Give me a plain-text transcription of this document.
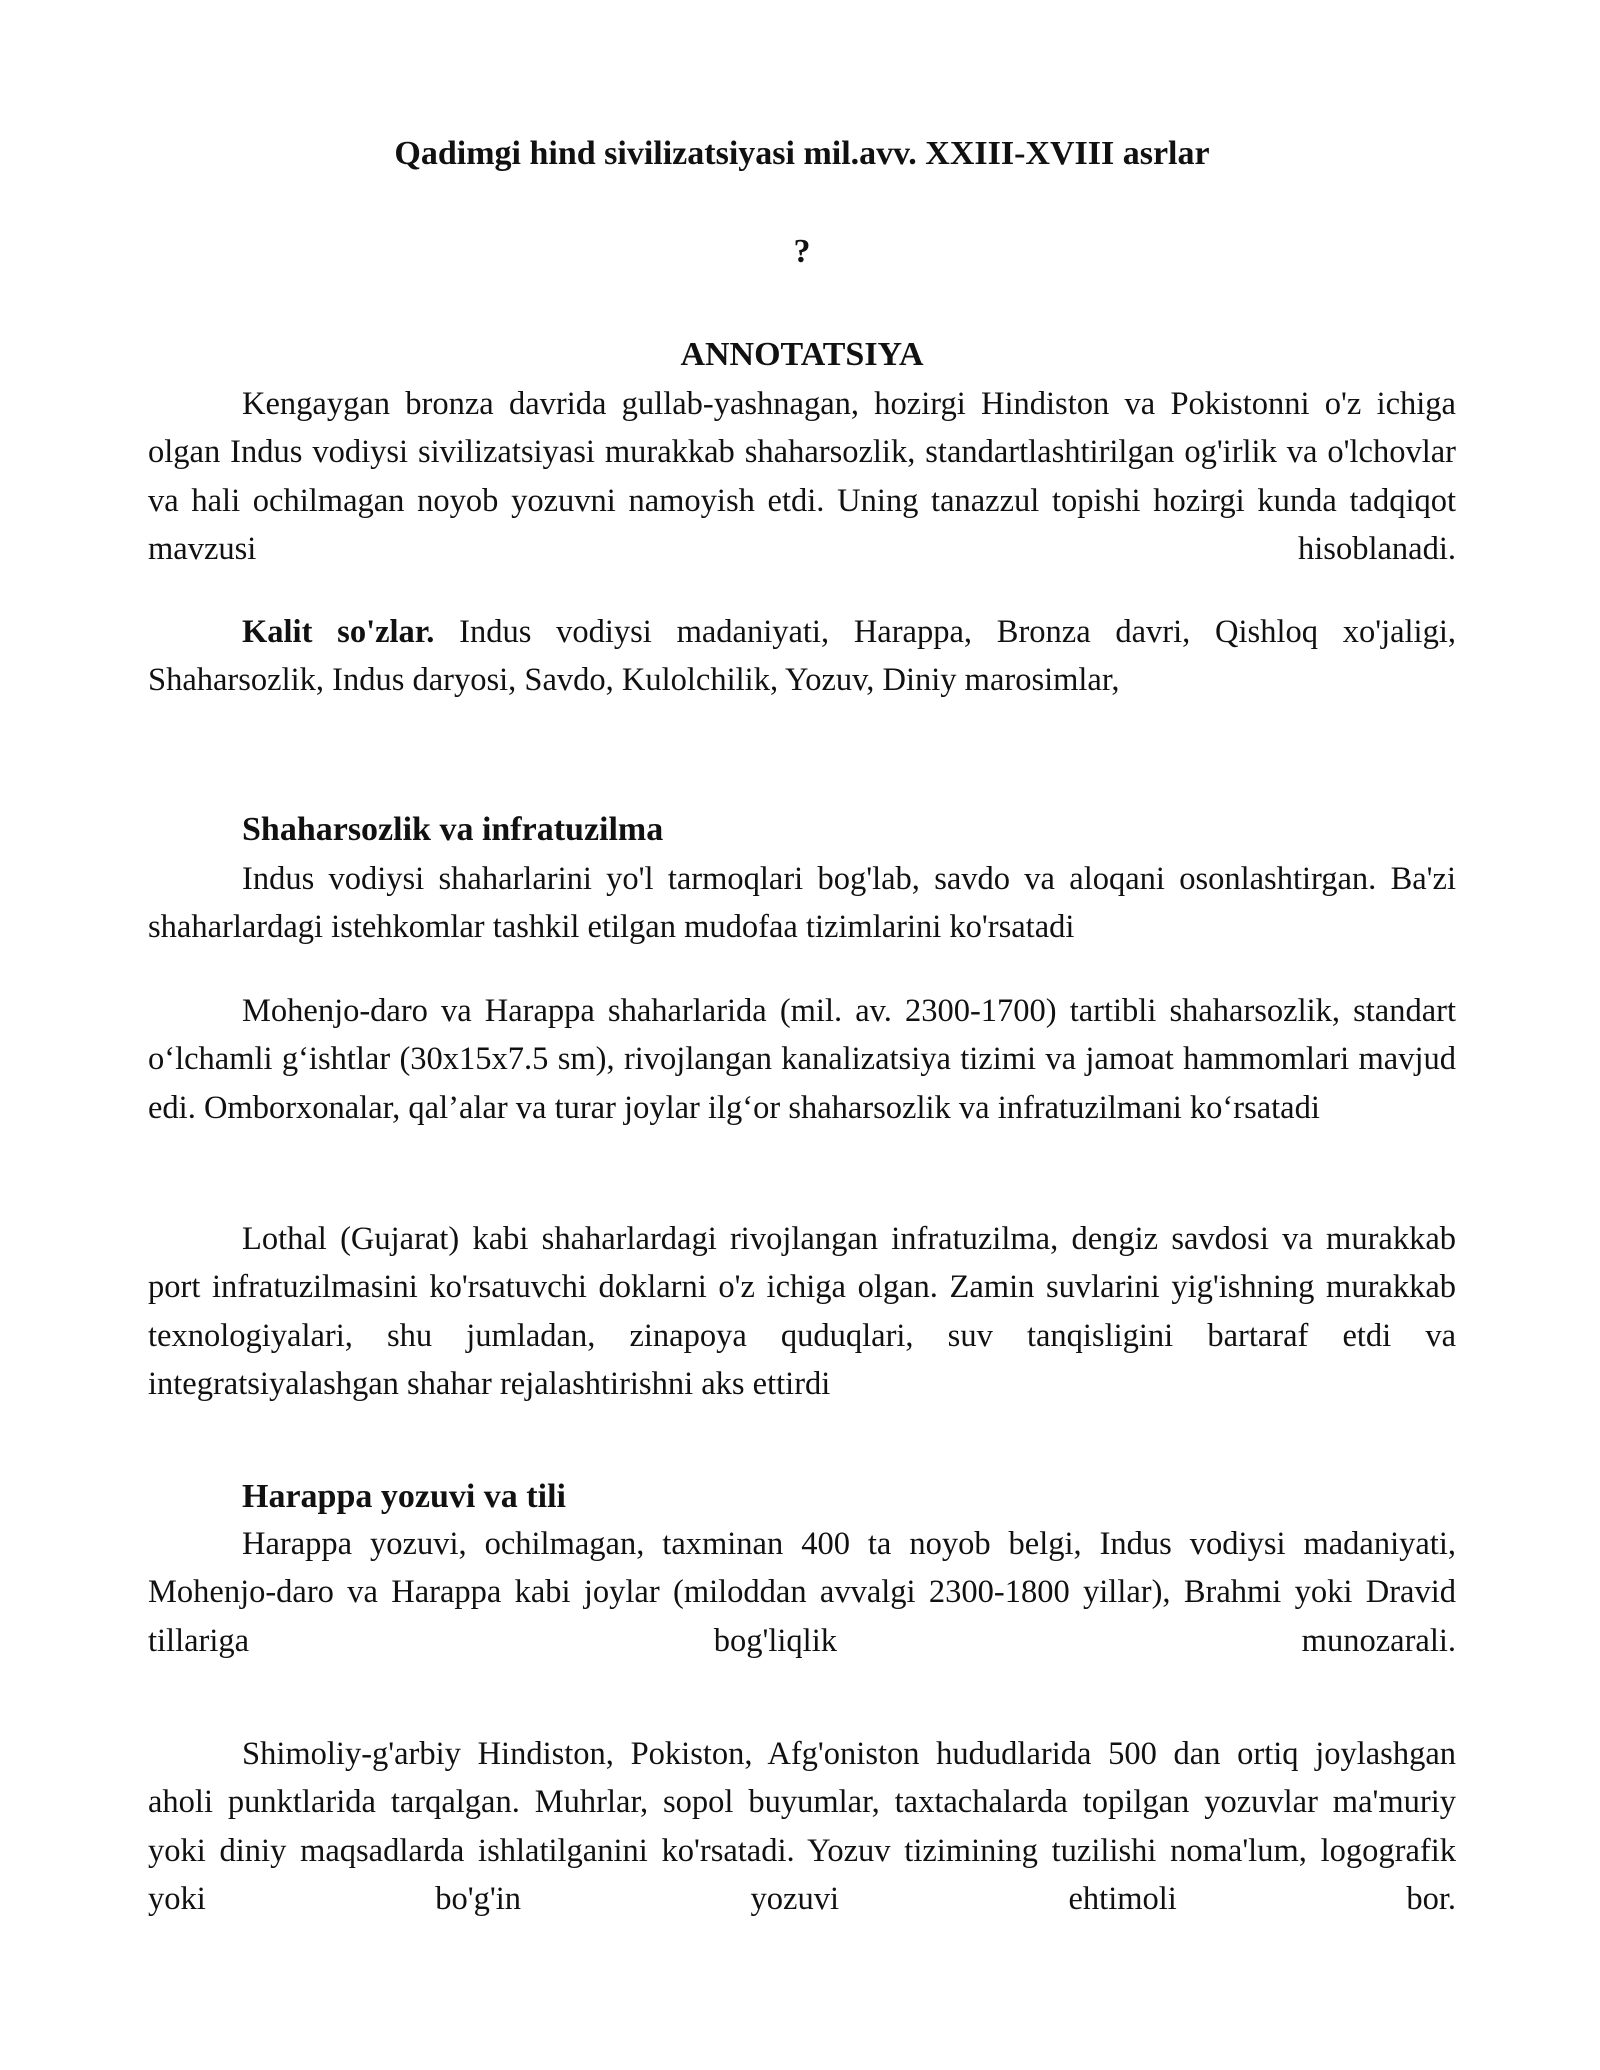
Qadimgi hind sivilizatsiyasi mil.avv. XXIII-XVIII asrlar

?

ANNOTATSIYA

Kengaygan bronza davrida gullab-yashnagan, hozirgi Hindiston va Pokistonni o'z ichiga olgan Indus vodiysi sivilizatsiyasi murakkab shaharsozlik, standartlashtirilgan og'irlik va o'lchovlar va hali ochilmagan noyob yozuvni namoyish etdi. Uning tanazzul topishi hozirgi kunda tadqiqot mavzusi hisoblanadi.

Kalit so'zlar. Indus vodiysi madaniyati, Harappa, Bronza davri, Qishloq xo'jaligi, Shaharsozlik, Indus daryosi, Savdo, Kulolchilik, Yozuv, Diniy marosimlar,

Shaharsozlik va infratuzilma

Indus vodiysi shaharlarini yo'l tarmoqlari bog'lab, savdo va aloqani osonlashtirgan. Ba'zi shaharlardagi istehkomlar tashkil etilgan mudofaa tizimlarini ko'rsatadi

Mohenjo-daro va Harappa shaharlarida (mil. av. 2300-1700) tartibli shaharsozlik, standart o‘lchamli g‘ishtlar (30x15x7.5 sm), rivojlangan kanalizatsiya tizimi va jamoat hammomlari mavjud edi. Omborxonalar, qal’alar va turar joylar ilg‘or shaharsozlik va infratuzilmani ko‘rsatadi

Lothal (Gujarat) kabi shaharlardagi rivojlangan infratuzilma, dengiz savdosi va murakkab port infratuzilmasini ko'rsatuvchi doklarni o'z ichiga olgan. Zamin suvlarini yig'ishning murakkab texnologiyalari, shu jumladan, zinapoya quduqlari, suv tanqisligini bartaraf etdi va integratsiyalashgan shahar rejalashtirishni aks ettirdi

Harappa yozuvi va tili

Harappa yozuvi, ochilmagan, taxminan 400 ta noyob belgi, Indus vodiysi madaniyati, Mohenjo-daro va Harappa kabi joylar (miloddan avvalgi 2300-1800 yillar), Brahmi yoki Dravid tillariga bog'liqlik munozarali.

Shimoliy-g'arbiy Hindiston, Pokiston, Afg'oniston hududlarida 500 dan ortiq joylashgan aholi punktlarida tarqalgan. Muhrlar, sopol buyumlar, taxtachalarda topilgan yozuvlar ma'muriy yoki diniy maqsadlarda ishlatilganini ko'rsatadi. Yozuv tizimining tuzilishi noma'lum, logografik yoki bo'g'in yozuvi ehtimoli bor.
